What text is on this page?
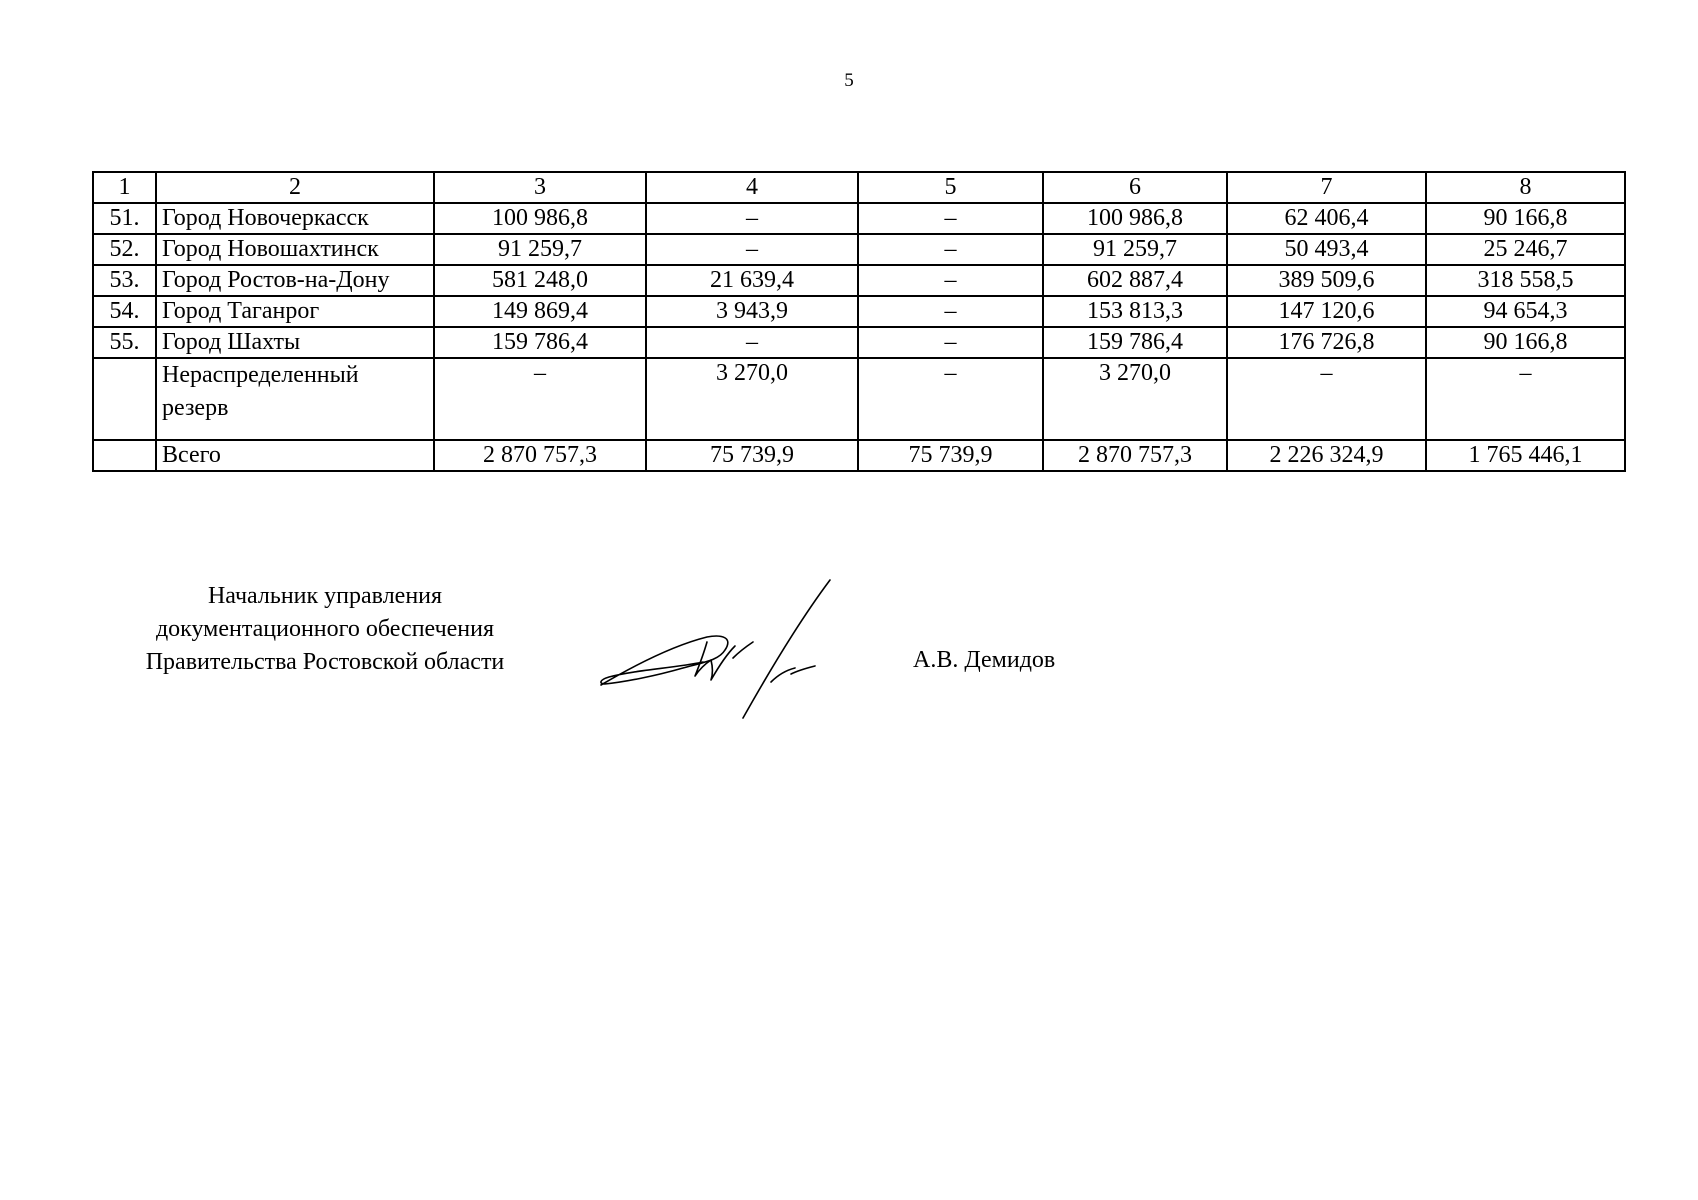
5
1	2	3	4	5	6	7	8
51.	Город Новочеркасск	100 986,8	–	–	100 986,8	62 406,4	90 166,8
52.	Город Новошахтинск	91 259,7	–	–	91 259,7	50 493,4	25 246,7
53.	Город Ростов-на-Дону	581 248,0	21 639,4	–	602 887,4	389 509,6	318 558,5
54.	Город Таганрог	149 869,4	3 943,9	–	153 813,3	147 120,6	94 654,3
55.	Город Шахты	159 786,4	–	–	159 786,4	176 726,8	90 166,8
	Нераспределенный резерв	–	3 270,0	–	3 270,0	–	–
	Всего	2 870 757,3	75 739,9	75 739,9	2 870 757,3	2 226 324,9	1 765 446,1
Начальник управления
документационного обеспечения
Правительства Ростовской области	А.В. Демидов
